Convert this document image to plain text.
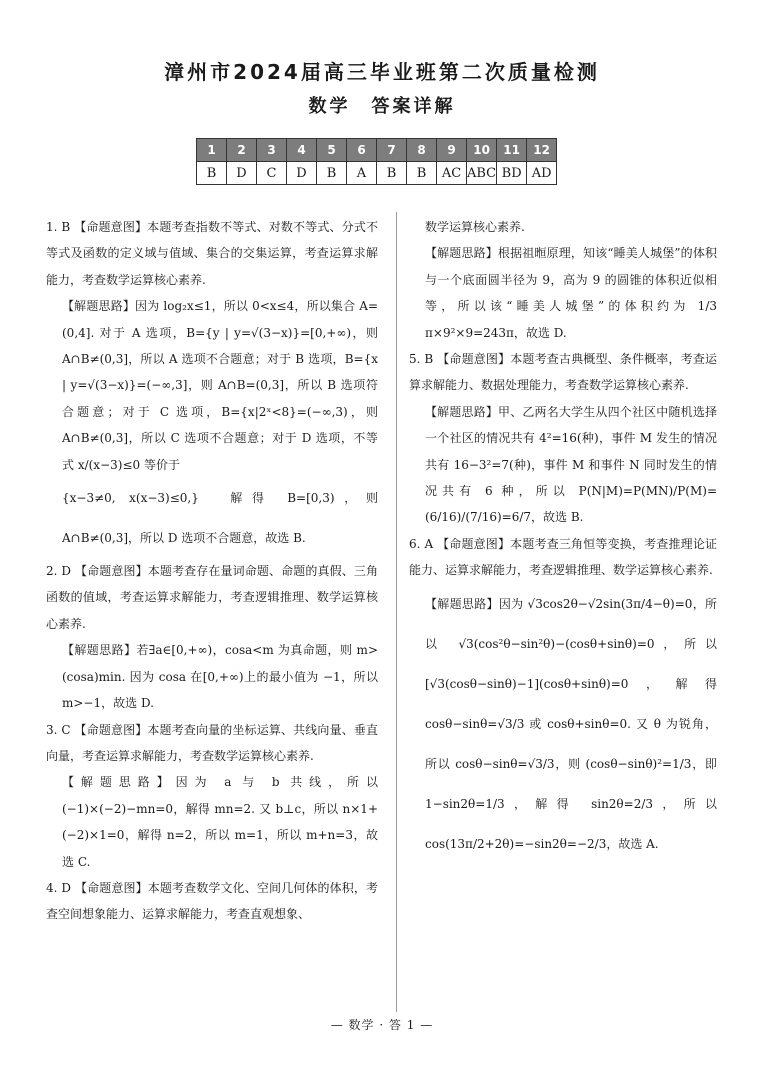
漳州市2024届高三毕业班第二次质量检测
数学　答案详解
1	2	3	4	5	6	7	8	9	10	11	12
B	D	C	D	B	A	B	B	AC	ABC	BD	AD

1. B 【命题意图】本题考查指数不等式、对数不等式、分式不等式及函数的定义域与值域、集合的交集运算，考查运算求解能力，考查数学运算核心素养.

【解题思路】因为 log₂x≤1，所以 0<x≤4，所以集合 A=(0,4]. 对于 A 选项，B={y | y=√(3−x)}=[0,+∞)，则 A∩B≠(0,3]，所以 A 选项不合题意；对于 B 选项，B={x | y=√(3−x)}=(−∞,3]，则 A∩B=(0,3]，所以 B 选项符合题意；对于 C 选项，B={x|2ˣ<8}=(−∞,3)，则 A∩B≠(0,3]，所以 C 选项不合题意；对于 D 选项，不等式 x/(x−3)≤0 等价于

{x−3≠0, x(x−3)≤0,}　解得 B=[0,3)，则 A∩B≠(0,3]，所以 D 选项不合题意，故选 B.

2. D 【命题意图】本题考查存在量词命题、命题的真假、三角函数的值域，考查运算求解能力，考查逻辑推理、数学运算核心素养.

【解题思路】若∃a∈[0,+∞)，cosa<m 为真命题，则 m>(cosa)min. 因为 cosa 在[0,+∞)上的最小值为 −1，所以 m>−1，故选 D.

3. C 【命题意图】本题考查向量的坐标运算、共线向量、垂直向量，考查运算求解能力，考查数学运算核心素养.

【解题思路】因为 a 与 b 共线，所以(−1)×(−2)−mn=0，解得 mn=2. 又 b⊥c，所以 n×1+(−2)×1=0，解得 n=2，所以 m=1，所以 m+n=3，故选 C.

4. D 【命题意图】本题考查数学文化、空间几何体的体积，考查空间想象能力、运算求解能力，考查直观想象、

数学运算核心素养.

【解题思路】根据祖暅原理，知该“睡美人城堡”的体积与一个底面圆半径为 9，高为 9 的圆锥的体积近似相等，所以该“睡美人城堡”的体积约为 1/3 π×9²×9=243π，故选 D.

5. B 【命题意图】本题考查古典概型、条件概率，考查运算求解能力、数据处理能力，考查数学运算核心素养.

【解题思路】甲、乙两名大学生从四个社区中随机选择一个社区的情况共有 4²=16(种)，事件 M 发生的情况共有 16−3²=7(种)，事件 M 和事件 N 同时发生的情况共有 6 种，所以 P(N|M)=P(MN)/P(M)=(6/16)/(7/16)=6/7，故选 B.

6. A 【命题意图】本题考查三角恒等变换，考查推理论证能力、运算求解能力，考查逻辑推理、数学运算核心素养.

【解题思路】因为 √3cos2θ−√2sin(3π/4−θ)=0，所以 √3(cos²θ−sin²θ)−(cosθ+sinθ)=0，所以[√3(cosθ−sinθ)−1](cosθ+sinθ)=0，解得 cosθ−sinθ=√3/3 或 cosθ+sinθ=0. 又 θ 为锐角，所以 cosθ−sinθ=√3/3，则 (cosθ−sinθ)²=1/3，即 1−sin2θ=1/3，解得 sin2θ=2/3，所以 cos(13π/2+2θ)=−sin2θ=−2/3，故选 A.

— 数学 · 答 1 —
